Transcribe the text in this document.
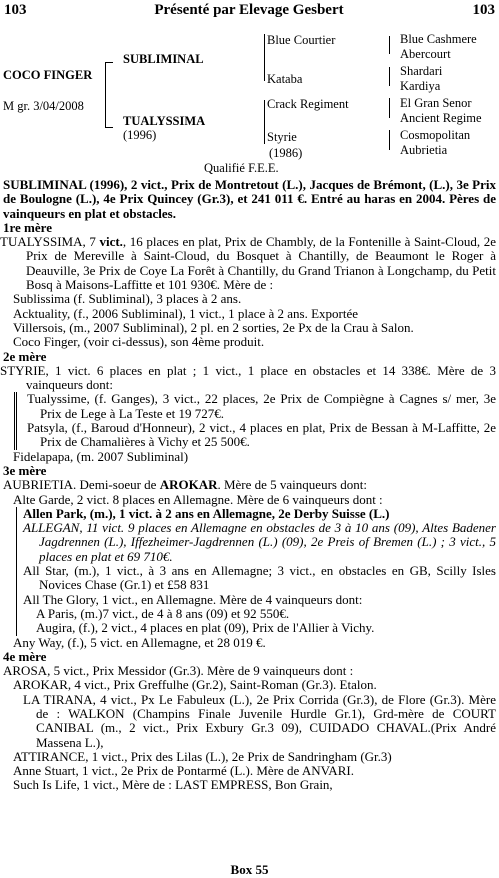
103	Présenté par Elevage Gesbert	103
COCO FINGER
M gr. 3/04/2008
SUBLIMINAL
TUALYSSIMA
(1996)
Blue Courtier
Kataba
Crack Regiment
Styrie
(1986)
Blue Cashmere
Abercourt
Shardari
Kardiya
El Gran Senor
Ancient Regime
Cosmopolitan
Aubrietia
Qualifié F.E.E.

SUBLIMINAL (1996), 2 vict., Prix de Montretout (L.), Jacques de Brémont, (L.), 3e Prix de Boulogne (L.), 4e Prix Quincey (Gr.3), et 241 011 €. Entré au haras en 2004. Pères de vainqueurs en plat et obstacles.

1re mère

TUALYSSIMA, 7 vict., 16 places en plat, Prix de Chambly, de la Fontenille à Saint-Cloud, 2e Prix de Mereville à Saint-Cloud, du Bosquet à Chantilly, de Beaumont le Roger à Deauville, 3e Prix de Coye La Forêt à Chantilly, du Grand Trianon à Longchamp, du Petit Bosq à Maisons-Laffitte et 101 930€. Mère de :

Sublissima (f. Subliminal), 3 places à 2 ans.

Acktuality, (f., 2006 Subliminal), 1 vict., 1 place à 2 ans. Exportée

Villersois, (m., 2007 Subliminal), 2 pl. en 2 sorties, 2e Px de la Crau à Salon.

Coco Finger, (voir ci-dessus), son 4ème produit.

2e mère

STYRIE, 1 vict. 6 places en plat ; 1 vict., 1 place en obstacles et 14 338€. Mère de 3 vainqueurs dont:

Tualyssime, (f. Ganges), 3 vict., 22 places, 2e Prix de Compiègne à Cagnes s/ mer, 3e Prix de Lege à La Teste et 19 727€.

Patsyla, (f., Baroud d'Honneur), 2 vict., 4 places en plat, Prix de Bessan à M-Laffitte, 2e Prix de Chamalières à Vichy et 25 500€.

Fidelapapa, (m. 2007 Subliminal)

3e mère

AUBRIETIA. Demi-soeur de AROKAR. Mère de 5 vainqueurs dont:

Alte Garde, 2 vict. 8 places en Allemagne. Mère de 6 vainqueurs dont :

Allen Park, (m.), 1 vict. à 2 ans en Allemagne, 2e Derby Suisse (L.)

ALLEGAN, 11 vict. 9 places en Allemagne en obstacles de 3 à 10 ans (09), Altes Badener Jagdrennen (L.), Iffezheimer-Jagdrennen (L.) (09), 2e Preis of Bremen (L.) ; 3 vict., 5 places en plat et 69 710€.

All Star, (m.), 1 vict., à 3 ans en Allemagne; 3 vict., en obstacles en GB, Scilly Isles Novices Chase (Gr.1) et £58 831

All The Glory, 1 vict., en Allemagne. Mère de 4 vainqueurs dont:

A Paris, (m.)7 vict., de 4 à 8 ans (09) et 92 550€.

Augira, (f.), 2 vict., 4 places en plat (09), Prix de l'Allier à Vichy.

Any Way, (f.), 5 vict. en Allemagne, et 28 019 €.

4e mère

AROSA, 5 vict., Prix Messidor (Gr.3). Mère de 9 vainqueurs dont :

AROKAR, 4 vict., Prix Greffulhe (Gr.2), Saint-Roman (Gr.3). Etalon.

LA TIRANA, 4 vict., Px Le Fabuleux (L.), 2e Prix Corrida (Gr.3), de Flore (Gr.3). Mère de : WALKON (Champins Finale Juvenile Hurdle Gr.1), Grd-mère de COURT CANIBAL (m., 2 vict., Prix Exbury Gr.3 09), CUIDADO CHAVAL.(Prix André Massena L.),

ATTIRANCE, 1 vict., Prix des Lilas (L.), 2e Prix de Sandringham (Gr.3)

Anne Stuart, 1 vict., 2e Prix de Pontarmé (L.). Mère de ANVARI.

Such Is Life, 1 vict., Mère de : LAST EMPRESS, Bon Grain,

Box 55
